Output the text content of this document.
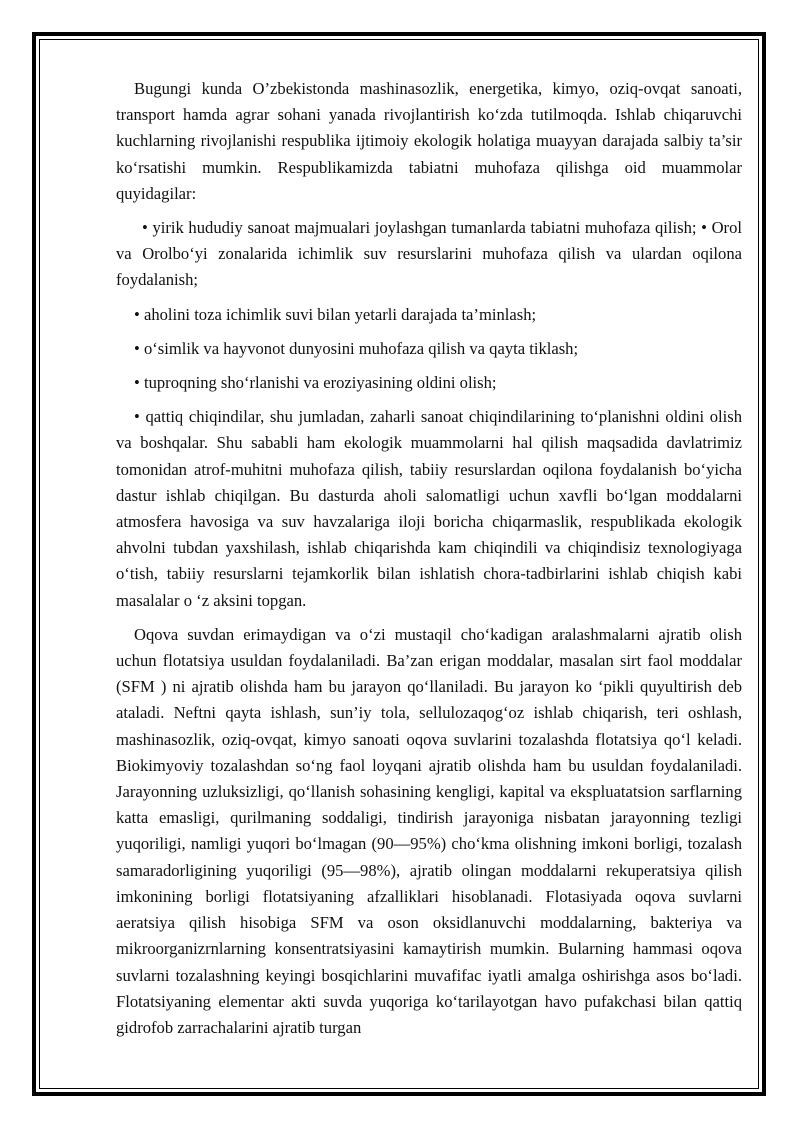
Bugungi kunda O’zbekistonda mashinasozlik, energetika, kimyo, oziq-ovqat sanoati, transport hamda agrar sohani yanada rivojlantirish ko‘zda tutilmoqda. Ishlab chiqaruvchi kuchlarning rivojlanishi respublika ijtimoiy ekologik holatiga muayyan darajada salbiy ta’sir ko‘rsatishi mumkin. Respublikamizda tabiatni muhofaza qilishga oid muammolar quyidagilar:

• yirik hududiy sanoat majmualari joylashgan tumanlarda tabiatni muhofaza qilish; • Orol va Orolbo‘yi zonalarida ichimlik suv resurslarini muhofaza qilish va ulardan oqilona foydalanish;

• aholini toza ichimlik suvi bilan yetarli darajada ta’minlash;

• o‘simlik va hayvonot dunyosini muhofaza qilish va qayta tiklash;

• tuproqning sho‘rlanishi va eroziyasining oldini olish;

• qattiq chiqindilar, shu jumladan, zaharli sanoat chiqindilarining to‘planishni oldini olish va boshqalar. Shu sababli ham ekologik muammolarni hal qilish maqsadida davlatrimiz tomonidan atrof-muhitni muhofaza qilish, tabiiy resurslardan oqilona foydalanish bo‘yicha dastur ishlab chiqilgan. Bu dasturda aholi salomatligi uchun xavfli bo‘lgan moddalarni atmosfera havosiga va suv havzalariga iloji boricha chiqarmaslik, respublikada ekologik ahvolni tubdan yaxshilash, ishlab chiqarishda kam chiqindili va chiqindisiz texnologiyaga o‘tish, tabiiy resurslarni tejamkorlik bilan ishlatish chora-tadbirlarini ishlab chiqish kabi masalalar o ‘z aksini topgan.

Oqova suvdan erimaydigan va o‘zi mustaqil cho‘kadigan aralashmalarni ajratib olish uchun flotatsiya usuldan foydalaniladi. Ba’zan erigan moddalar, masalan sirt faol moddalar (SFM ) ni ajratib olishda ham bu jarayon qo‘llaniladi. Bu jarayon ko ‘pikli quyultirish deb ataladi. Neftni qayta ishlash, sun’iy tola, sellulozaqog‘oz ishlab chiqarish, teri oshlash, mashinasozlik, oziq-ovqat, kimyo sanoati oqova suvlarini tozalashda flotatsiya qo‘l keladi. Biokimyoviy tozalashdan so‘ng faol loyqani ajratib olishda ham bu usuldan foydalaniladi. Jarayonning uzluksizligi, qo‘llanish sohasining kengligi, kapital va ekspluatatsion sarflarning katta emasligi, qurilmaning soddaligi, tindirish jarayoniga nisbatan jarayonning tezligi yuqoriligi, namligi yuqori bo‘lmagan (90—95%) cho‘kma olishning imkoni borligi, tozalash samaradorligining yuqoriligi (95—98%), ajratib olingan moddalarni rekuperatsiya qilish imkonining borligi flotatsiyaning afzalliklari hisoblanadi. Flotasiyada oqova suvlarni aeratsiya qilish hisobiga SFM va oson oksidlanuvchi moddalarning, bakteriya va mikroorganizrnlarning konsentratsiyasini kamaytirish mumkin. Bularning hammasi oqova suvlarni tozalashning keyingi bosqichlarini muvafifac iyatli amalga oshirishga asos bo‘ladi. Flotatsiyaning elementar akti suvda yuqoriga ko‘tarilayotgan havo pufakchasi bilan qattiq gidrofob zarrachalarini ajratib turgan
